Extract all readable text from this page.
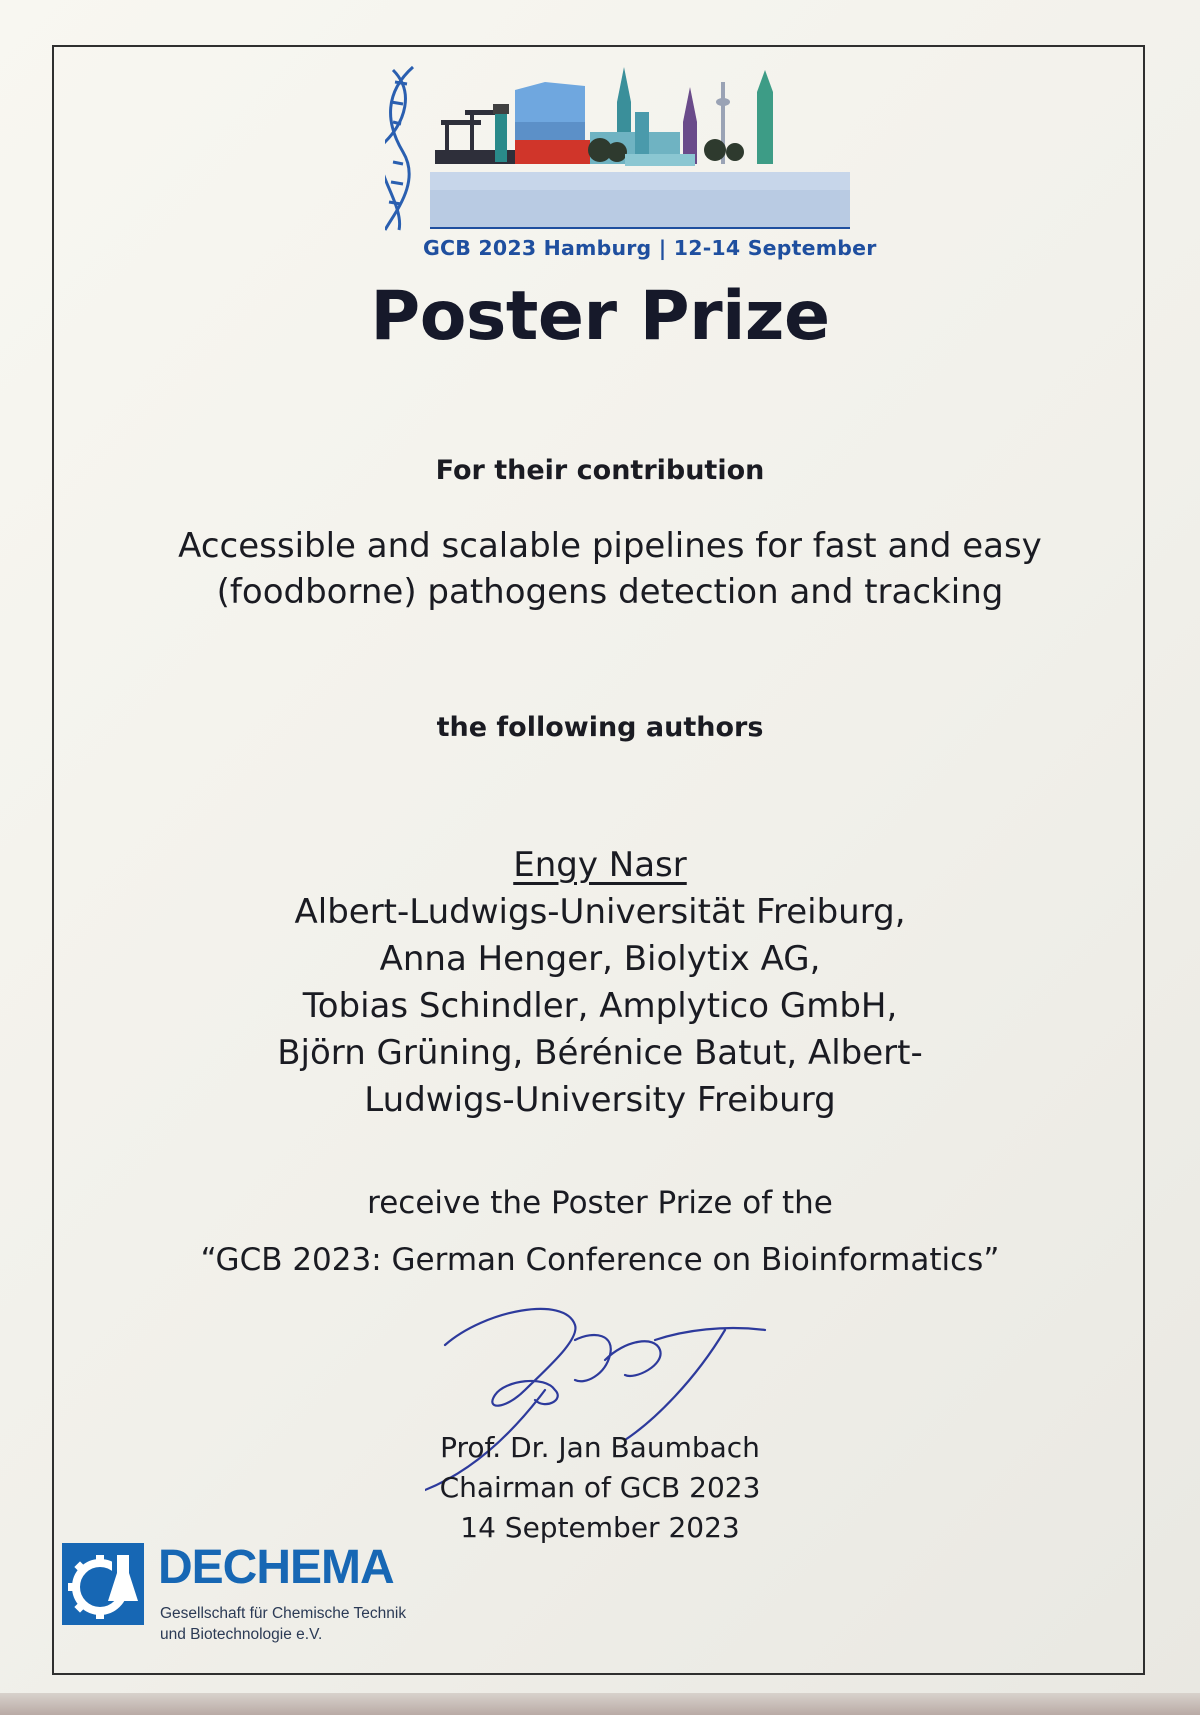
GCB 2023 Hamburg | 12-14 September
Poster Prize
For their contribution
Accessible and scalable pipelines for fast and easy (foodborne) pathogens detection and tracking
the following authors
Engy Nasr
Albert-Ludwigs-Universität Freiburg,
Anna Henger, Biolytix AG,
Tobias Schindler, Amplytico GmbH,
Björn Grüning, Bérénice Batut, Albert-
Ludwigs-University Freiburg
receive the Poster Prize of the
“GCB 2023: German Conference on Bioinformatics”
Prof. Dr. Jan Baumbach
Chairman of GCB 2023
14 September 2023
DECHEMA
Gesellschaft für Chemische Technik
und Biotechnologie e.V.
